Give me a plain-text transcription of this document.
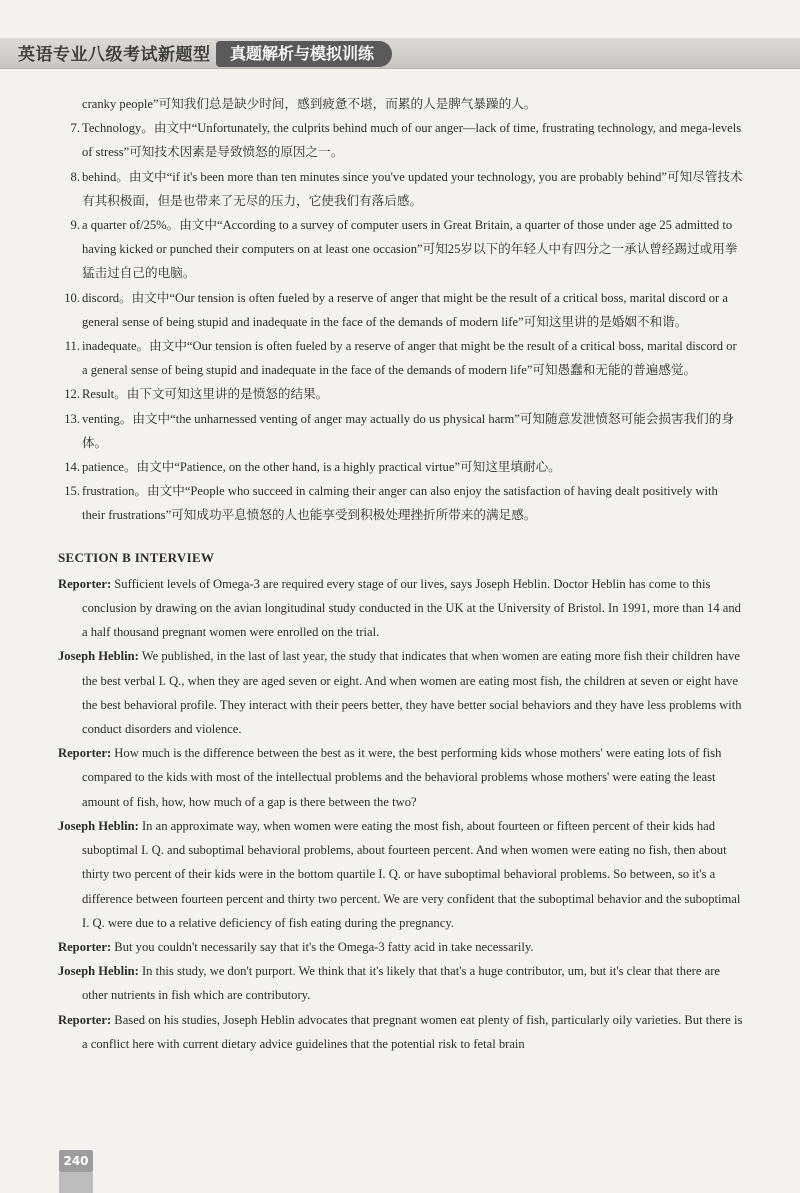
英语专业八级考试新题型	真题解析与模拟训练

cranky people”可知我们总是缺少时间，感到疲惫不堪，而累的人是脾气暴躁的人。

7. Technology。由文中“Unfortunately, the culprits behind much of our anger—lack of time, frustrating technology, and mega-levels of stress”可知技术因素是导致愤怒的原因之一。

8. behind。由文中“if it's been more than ten minutes since you've updated your technology, you are probably behind”可知尽管技术有其积极面，但是也带来了无尽的压力，它使我们有落后感。

9. a quarter of/25%。由文中“According to a survey of computer users in Great Britain, a quarter of those under age 25 admitted to having kicked or punched their computers on at least one occasion”可知25岁以下的年轻人中有四分之一承认曾经踢过或用拳猛击过自己的电脑。

10. discord。由文中“Our tension is often fueled by a reserve of anger that might be the result of a critical boss, marital discord or a general sense of being stupid and inadequate in the face of the demands of modern life”可知这里讲的是婚姻不和谐。

11. inadequate。由文中“Our tension is often fueled by a reserve of anger that might be the result of a critical boss, marital discord or a general sense of being stupid and inadequate in the face of the demands of modern life”可知愚蠢和无能的普遍感觉。

12. Result。由下文可知这里讲的是愤怒的结果。

13. venting。由文中“the unharnessed venting of anger may actually do us physical harm”可知随意发泄愤怒可能会损害我们的身体。

14. patience。由文中“Patience, on the other hand, is a highly practical virtue”可知这里填耐心。

15. frustration。由文中“People who succeed in calming their anger can also enjoy the satisfaction of having dealt positively with their frustrations”可知成功平息愤怒的人也能享受到积极处理挫折所带来的满足感。

SECTION B INTERVIEW

Reporter: Sufficient levels of Omega-3 are required every stage of our lives, says Joseph Heblin. Doctor Heblin has come to this conclusion by drawing on the avian longitudinal study conducted in the UK at the University of Bristol. In 1991, more than 14 and a half thousand pregnant women were enrolled on the trial.

Joseph Heblin: We published, in the last of last year, the study that indicates that when women are eating more fish their children have the best verbal I. Q., when they are aged seven or eight. And when women are eating most fish, the children at seven or eight have the best behavioral profile. They interact with their peers better, they have better social behaviors and they have less problems with conduct disorders and violence.

Reporter: How much is the difference between the best as it were, the best performing kids whose mothers' were eating lots of fish compared to the kids with most of the intellectual problems and the behavioral problems whose mothers' were eating the least amount of fish, how, how much of a gap is there between the two?

Joseph Heblin: In an approximate way, when women were eating the most fish, about fourteen or fifteen percent of their kids had suboptimal I. Q. and suboptimal behavioral problems, about fourteen percent. And when women were eating no fish, then about thirty two percent of their kids were in the bottom quartile I. Q. or have suboptimal behavioral problems. So between, so it's a difference between fourteen percent and thirty two percent. We are very confident that the suboptimal behavior and the suboptimal I. Q. were due to a relative deficiency of fish eating during the pregnancy.

Reporter: But you couldn't necessarily say that it's the Omega-3 fatty acid in take necessarily.

Joseph Heblin: In this study, we don't purport. We think that it's likely that that's a huge contributor, um, but it's clear that there are other nutrients in fish which are contributory.

Reporter: Based on his studies, Joseph Heblin advocates that pregnant women eat plenty of fish, particularly oily varieties. But there is a conflict here with current dietary advice guidelines that the potential risk to fetal brain

240
